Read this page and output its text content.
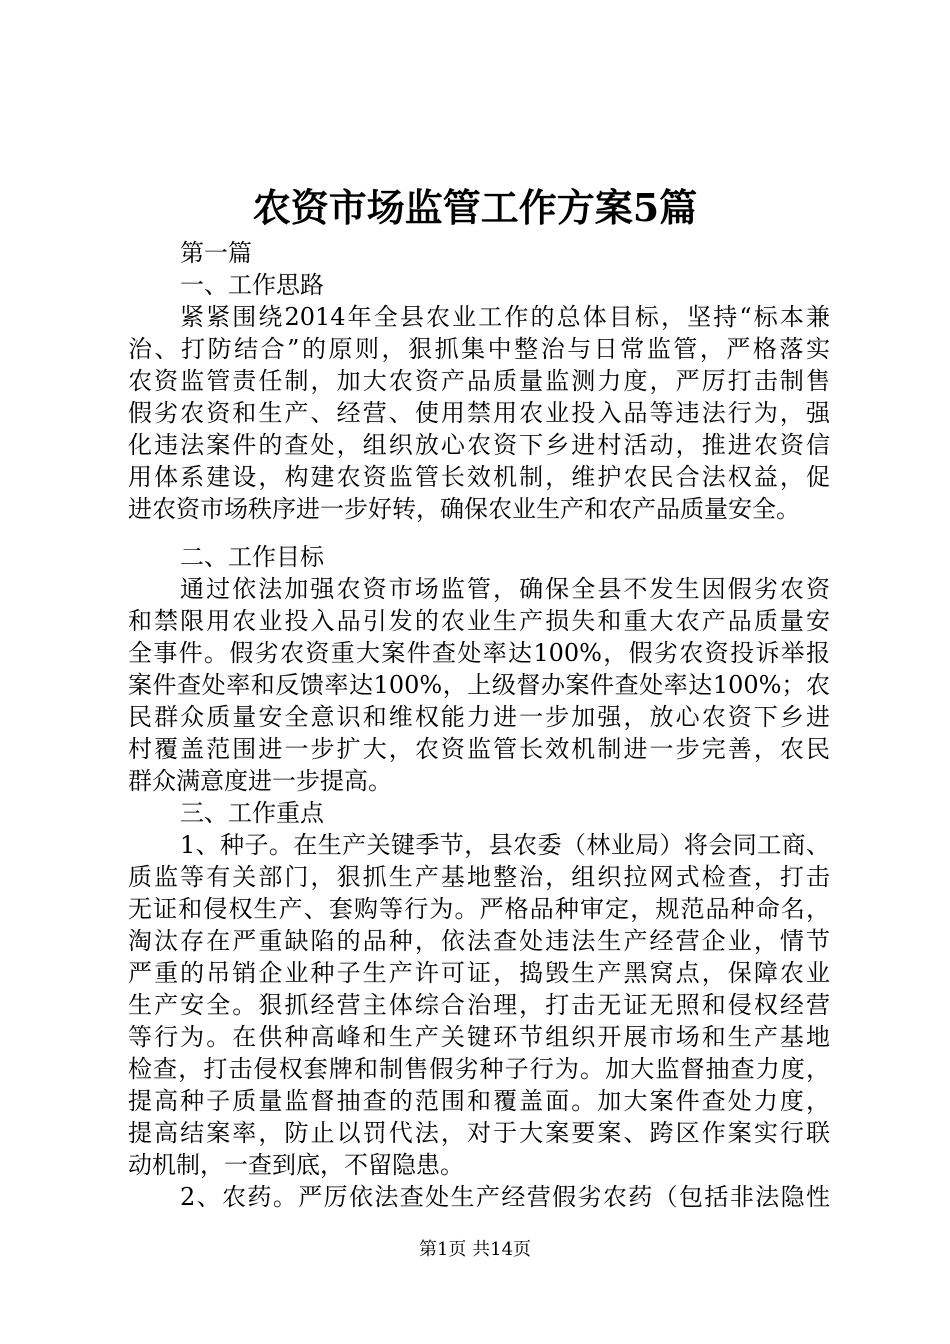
农资市场监管工作方案5篇
第一篇
一、工作思路
紧紧围绕2014年全县农业工作的总体目标，坚持“标本兼
治、打防结合”的原则，狠抓集中整治与日常监管，严格落实
农资监管责任制，加大农资产品质量监测力度，严厉打击制售
假劣农资和生产、经营、使用禁用农业投入品等违法行为，强
化违法案件的查处，组织放心农资下乡进村活动，推进农资信
用体系建设，构建农资监管长效机制，维护农民合法权益，促
进农资市场秩序进一步好转，确保农业生产和农产品质量安全。
二、工作目标
通过依法加强农资市场监管，确保全县不发生因假劣农资
和禁限用农业投入品引发的农业生产损失和重大农产品质量安
全事件。假劣农资重大案件查处率达100%，假劣农资投诉举报
案件查处率和反馈率达100%，上级督办案件查处率达100%；农
民群众质量安全意识和维权能力进一步加强，放心农资下乡进
村覆盖范围进一步扩大，农资监管长效机制进一步完善，农民
群众满意度进一步提高。
三、工作重点
1、种子。在生产关键季节，县农委（林业局）将会同工商、
质监等有关部门，狠抓生产基地整治，组织拉网式检查，打击
无证和侵权生产、套购等行为。严格品种审定，规范品种命名，
淘汰存在严重缺陷的品种，依法查处违法生产经营企业，情节
严重的吊销企业种子生产许可证，捣毁生产黑窝点，保障农业
生产安全。狠抓经营主体综合治理，打击无证无照和侵权经营
等行为。在供种高峰和生产关键环节组织开展市场和生产基地
检查，打击侵权套牌和制售假劣种子行为。加大监督抽查力度，
提高种子质量监督抽查的范围和覆盖面。加大案件查处力度，
提高结案率，防止以罚代法，对于大案要案、跨区作案实行联
动机制，一查到底，不留隐患。
2、农药。严厉依法查处生产经营假劣农药（包括非法隐性
第1页 共14页
